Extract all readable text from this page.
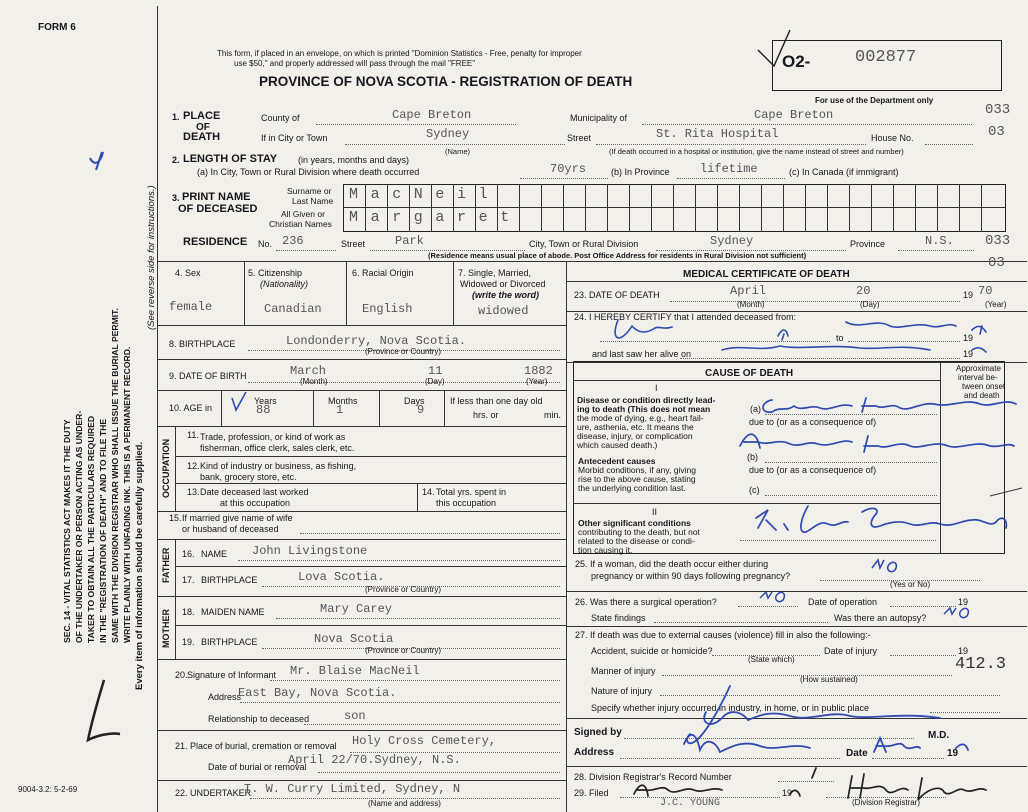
FORM 6
SEC. 14 - VITAL STATISTICS ACT MAKES IT THE DUTY OF THE UNDERTAKER OR PERSON ACTING AS UNDER- TAKER TO OBTAIN ALL THE PARTICULARS REQUIRED IN THE "REGISTRATION OF DEATH" AND TO FILE THE SAME WITH THE DIVISION REGISTRAR WHO SHALL ISSUE THE BURIAL PERMIT. WRITE PLAINLY WITH UNFADING INK. THIS IS A PERMANENT RECORD. Every item of information should be carefully supplied.
(See reverse side for instructions.)
9004-3.2: 5-2-69
This form, if placed in an envelope, on which is printed "Dominion Statistics - Free, penalty for improper
use $50," and properly addressed will pass through the mail "FREE"
PROVINCE OF NOVA SCOTIA - REGISTRATION OF DEATH
O2-	002877
For use of the Department only
033
03
033
03
1. PLACE
OF
DEATH
County of	Cape Breton	Municipality of	Cape Breton
If in City or Town	Sydney
(Name)
Street	St. Rita Hospital	House No.
(If death occurred in a hospital or institution, give the name instead of street and number)
2. LENGTH OF STAY (in years, months and days)
(a) In City, Town or Rural Division where death occurred	70yrs	(b) In Province	lifetime	(c) In Canada (if immigrant)
3. PRINT NAME
OF DECEASED
Surname or
Last Name
All Given or
Christian Names
MacNeil
Margaret
RESIDENCE No. 236	Street Park	City, Town or Rural Division	Sydney	Province	N.S.
(Residence means usual place of abode. Post Office Address for residents in Rural Division not sufficient)
4. Sex
female
5. Citizenship
(Nationality)
Canadian
6. Racial Origin
English
7. Single, Married,
Widowed or Divorced
(write the word)
widowed
8. BIRTHPLACE	Londonderry, Nova Scotia.
(Province or Country)
9. DATE OF BIRTH	March	11	1882
(Month)	(Day)	(Year)
10. AGE in
Years
88
Months
1
Days
9
If less than one day old
hrs. or	min.
OCCUPATION
11. Trade, profession, or kind of work as
fisherman, office clerk, sales clerk, etc.
12. Kind of industry or business, as fishing,
bank, grocery store, etc.
13. Date deceased last worked
at this occupation
14. Total yrs. spent in
this occupation
15. If married give name of wife
or husband of deceased
FATHER 16. NAME John Livingstone
17. BIRTHPLACE	Lova Scotia.
(Province or Country)
MOTHER 18. MAIDEN NAME	Mary Carey
19. BIRTHPLACE	Nova Scotia
(Province or Country)
20. Signature of Informant Mr. Blaise MacNeil
Address
East Bay, Nova Scotia.
Relationship to deceased	son
21. Place of burial, cremation or removal Holy Cross Cemetery,
Date of burial or removal
April 22/70.Sydney, N.S.
22. UNDERTAKER
T. W. Curry Limited, Sydney, N
(Name and address)
MEDICAL CERTIFICATE OF DEATH
23. DATE OF DEATH	April	20	19 70
(Month)	(Day)	(Year)
24. I HEREBY CERTIFY that I attended deceased from:
to	19
and last saw her alive on	19
CAUSE OF DEATH	Approximate
interval be-
tween onset
and death
I
Disease or condition directly lead-
ing to death (This does not mean
the mode of dying, e.g., heart fail-
ure, asthenia, etc. It means the
disease, injury, or complication
which caused death.)
(a)
due to (or as a consequence of)
Antecedent causes
Morbid conditions, if any, giving
rise to the above cause, stating
the underlying condition last.
(b)
due to (or as a consequence of)
(c)
II
Other significant conditions
contributing to the death, but not
related to the disease or condi-
tion causing it.
25. If a woman, did the death occur either during
pregnancy or within 90 days following pregnancy?
(Yes or No)
26. Was there a surgical operation?	Date of operation	19
State findings	Was there an autopsy?
27. If death was due to external causes (violence) fill in also the following:-
Accident, suicide or homicide?
(State which)
Date of injury	19
412.3
Manner of injury
(How sustained)
Nature of injury
Specify whether injury occurred in industry, in home, or in public place
Signed by	M.D.
Address	Date	19
28. Division Registrar's Record Number
29. Filed	19
(Division Registrar)
J.C. YOUNG
